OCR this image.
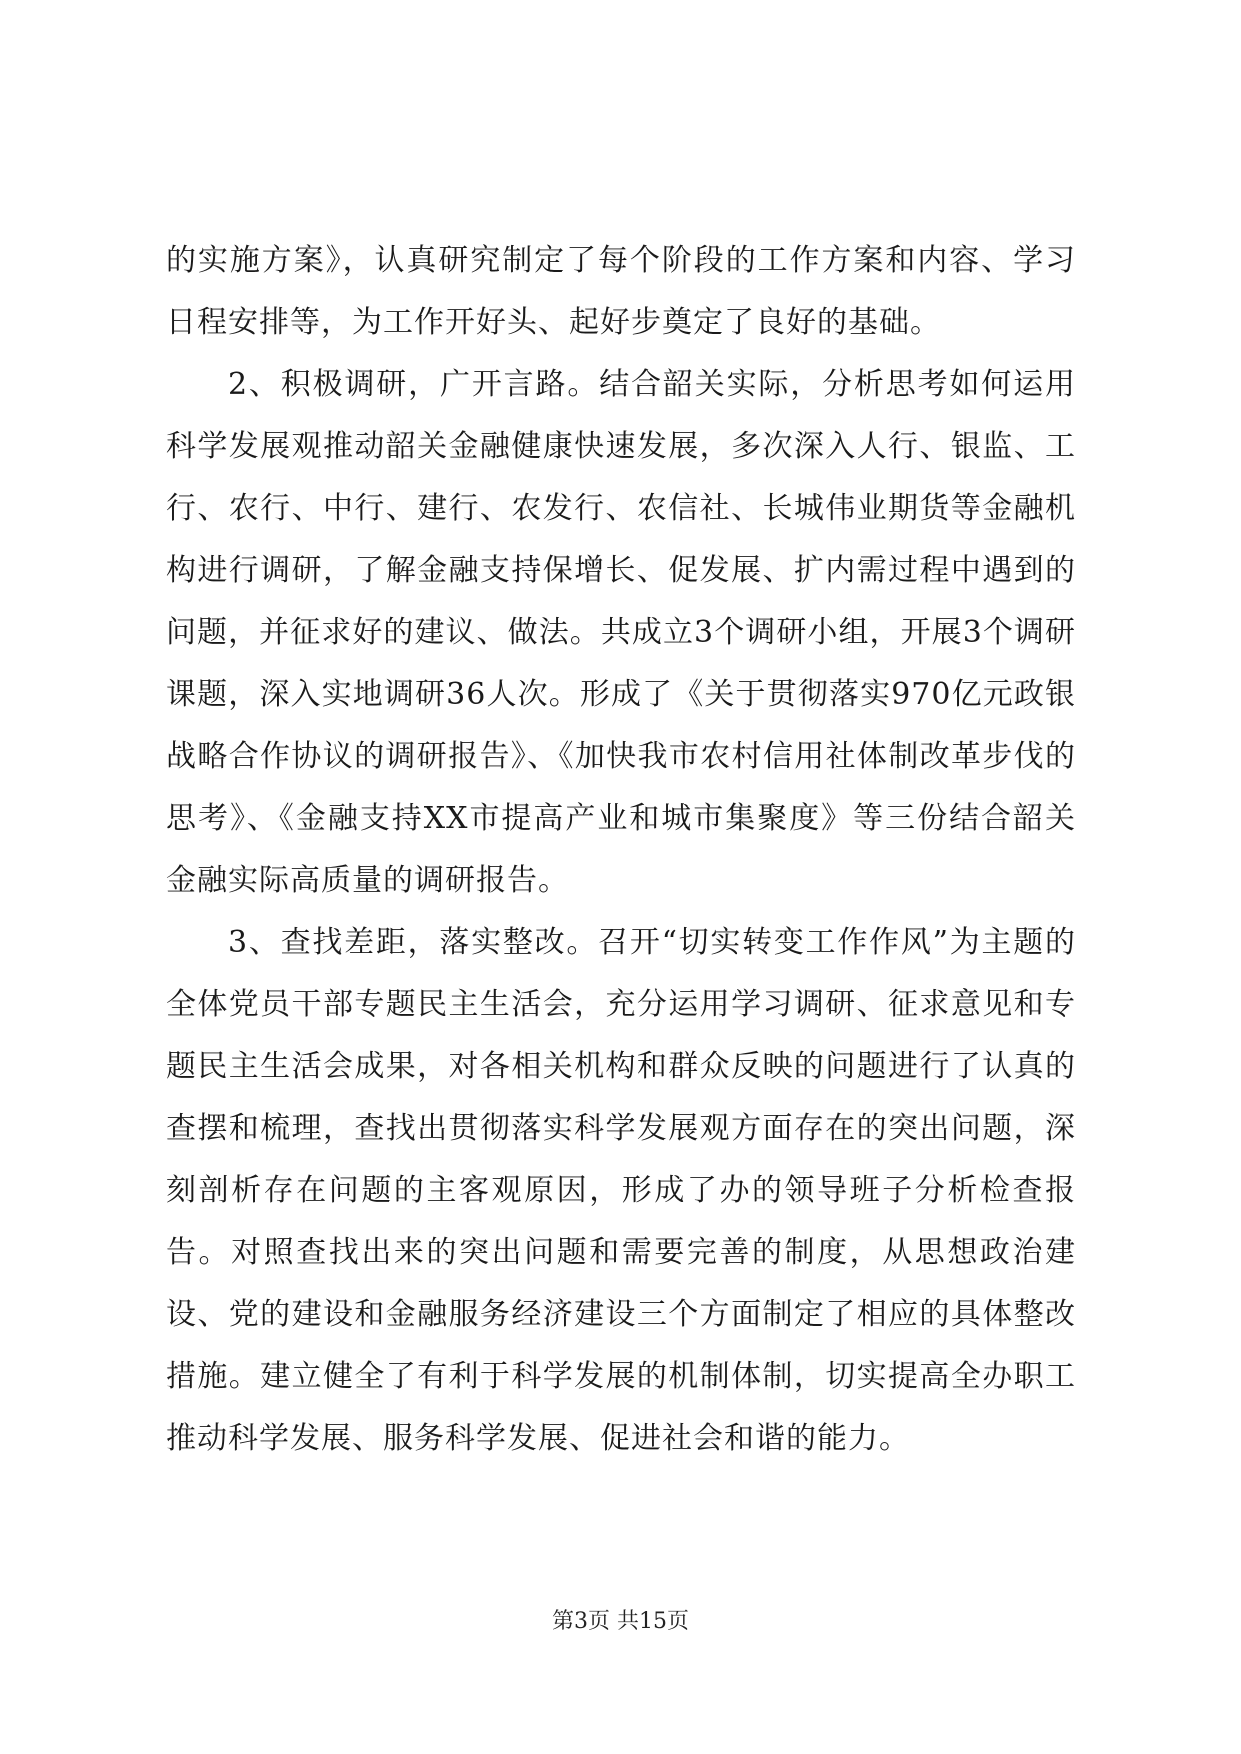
的实施方案》，认真研究制定了每个阶段的工作方案和内容、学习日程安排等，为工作开好头、起好步奠定了良好的基础。

2、积极调研，广开言路。结合韶关实际，分析思考如何运用科学发展观推动韶关金融健康快速发展，多次深入人行、银监、工行、农行、中行、建行、农发行、农信社、长城伟业期货等金融机构进行调研，了解金融支持保增长、促发展、扩内需过程中遇到的问题，并征求好的建议、做法。共成立3个调研小组，开展3个调研课题，深入实地调研36人次。形成了《关于贯彻落实970亿元政银战略合作协议的调研报告》、《加快我市农村信用社体制改革步伐的思考》、《金融支持XX市提高产业和城市集聚度》等三份结合韶关金融实际高质量的调研报告。

3、查找差距，落实整改。召开“切实转变工作作风”为主题的全体党员干部专题民主生活会，充分运用学习调研、征求意见和专题民主生活会成果，对各相关机构和群众反映的问题进行了认真的查摆和梳理，查找出贯彻落实科学发展观方面存在的突出问题，深刻剖析存在问题的主客观原因，形成了办的领导班子分析检查报告。对照查找出来的突出问题和需要完善的制度，从思想政治建设、党的建设和金融服务经济建设三个方面制定了相应的具体整改措施。建立健全了有利于科学发展的机制体制，切实提高全办职工推动科学发展、服务科学发展、促进社会和谐的能力。

第3页 共15页
